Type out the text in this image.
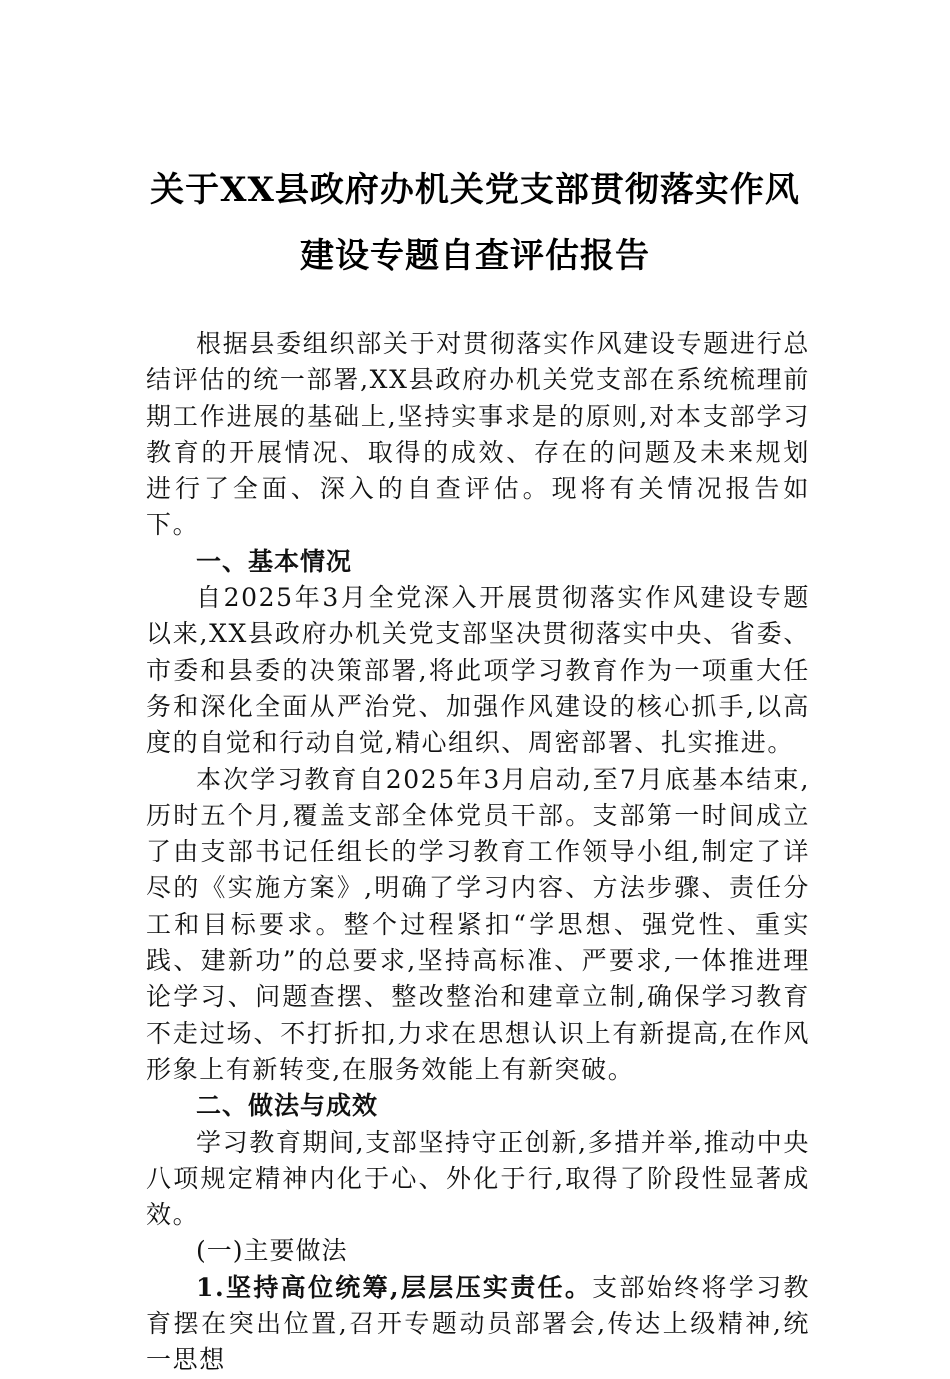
关于XX县政府办机关党支部贯彻落实作风
建设专题自查评估报告

根据县委组织部关于对贯彻落实作风建设专题进行总结评估的统一部署,XX县政府办机关党支部在系统梳理前期工作进展的基础上,坚持实事求是的原则,对本支部学习教育的开展情况、取得的成效、存在的问题及未来规划进行了全面、深入的自查评估。现将有关情况报告如下。

一、基本情况

自2025年3月全党深入开展贯彻落实作风建设专题以来,XX县政府办机关党支部坚决贯彻落实中央、省委、市委和县委的决策部署,将此项学习教育作为一项重大任务和深化全面从严治党、加强作风建设的核心抓手,以高度的自觉和行动自觉,精心组织、周密部署、扎实推进。

本次学习教育自2025年3月启动,至7月底基本结束,历时五个月,覆盖支部全体党员干部。支部第一时间成立了由支部书记任组长的学习教育工作领导小组,制定了详尽的《实施方案》,明确了学习内容、方法步骤、责任分工和目标要求。整个过程紧扣“学思想、强党性、重实践、建新功”的总要求,坚持高标准、严要求,一体推进理论学习、问题查摆、整改整治和建章立制,确保学习教育不走过场、不打折扣,力求在思想认识上有新提高,在作风形象上有新转变,在服务效能上有新突破。

二、做法与成效

学习教育期间,支部坚持守正创新,多措并举,推动中央八项规定精神内化于心、外化于行,取得了阶段性显著成效。

(一)主要做法

1.坚持高位统筹,层层压实责任。支部始终将学习教育摆在突出位置,召开专题动员部署会,传达上级精神,统一思想
